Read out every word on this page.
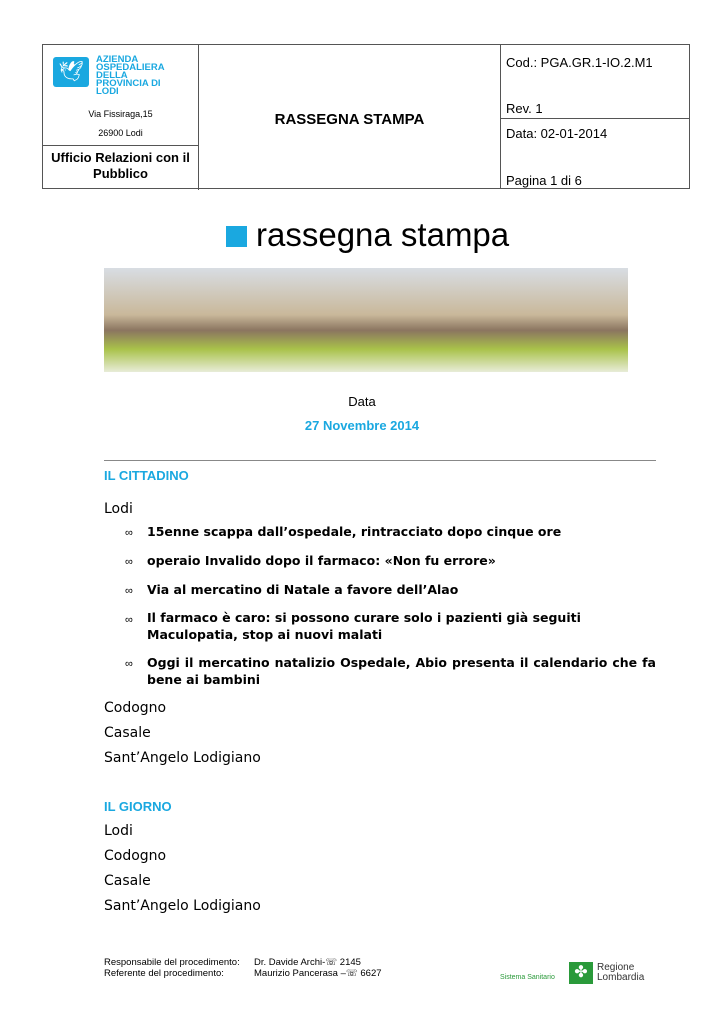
🕊
AZIENDA OSPEDALIERA DELLA PROVINCIA DI LODI
Via Fissiraga,15
26900 Lodi
Ufficio Relazioni con il Pubblico
RASSEGNA STAMPA
Cod.: PGA.GR.1-IO.2.M1
Rev. 1
Data: 02-01-2014
Pagina 1 di 6
rassegna stampa
Data
27 Novembre 2014
IL CITTADINO
Lodi
∞ 15enne scappa dall’ospedale, rintracciato dopo cinque ore
∞ operaio Invalido dopo il farmaco: «Non fu errore»
∞ Via al mercatino di Natale a favore dell’Alao
∞ Il farmaco è caro: si possono curare solo i pazienti già seguiti Maculopatia, stop ai nuovi malati
∞ Oggi il mercatino natalizio Ospedale, Abio presenta il calendario che fa bene ai bambini
Codogno
Casale
Sant’Angelo Lodigiano
IL GIORNO
Lodi
Codogno
Casale
Sant’Angelo Lodigiano
Responsabile del procedimento:
Referente del procedimento:
Dr. Davide Archi-☏ 2145
Maurizio Pancerasa –☏ 6627	Sistema Sanitario	✤ Regione Lombardia
